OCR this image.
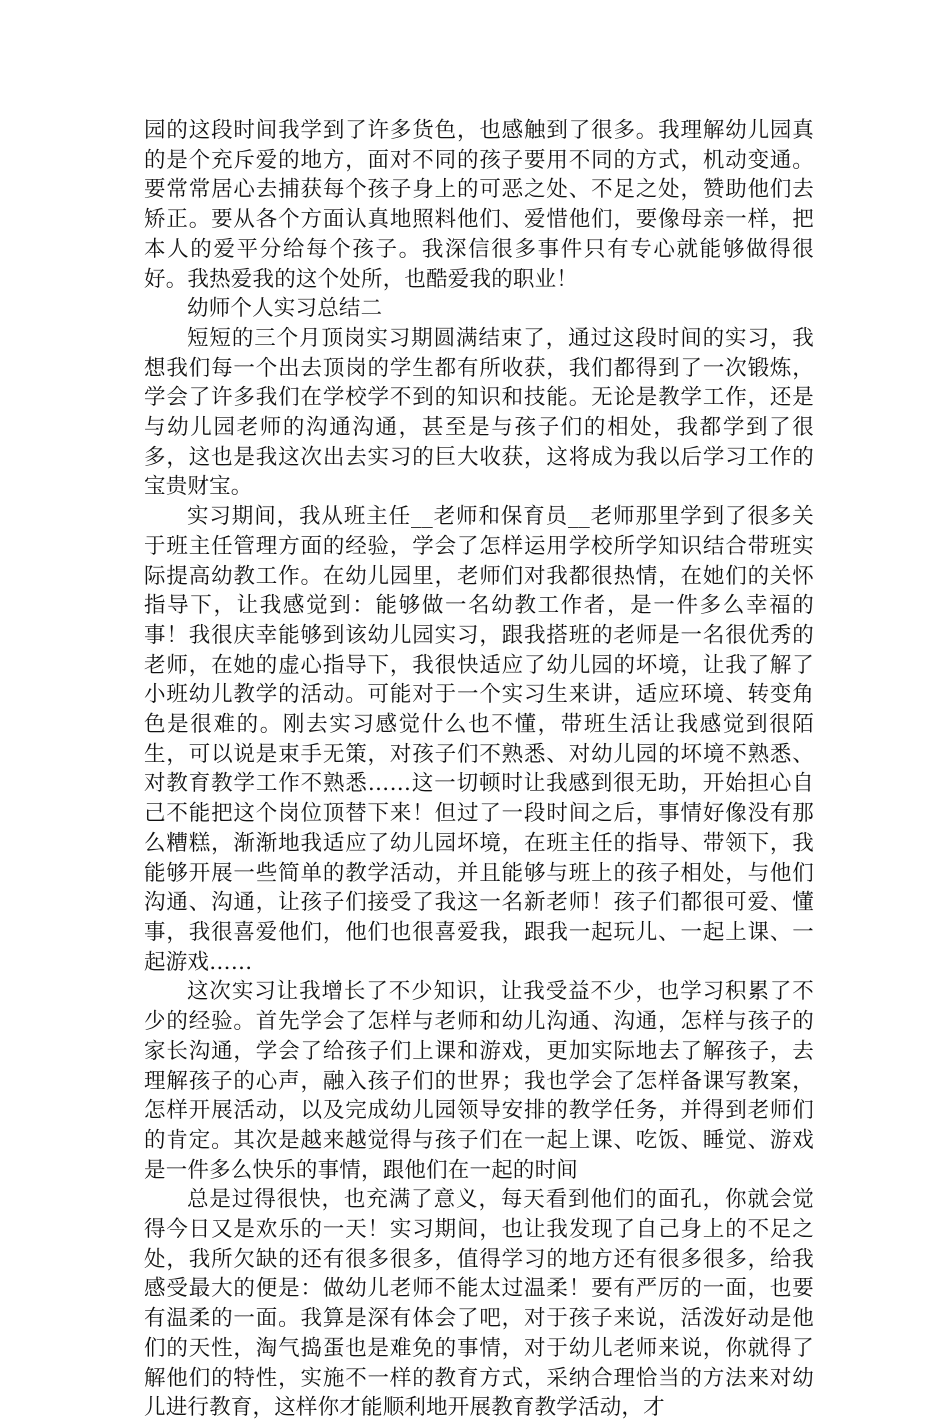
园的这段时间我学到了许多货色，也感触到了很多。我理解幼儿园真的是个充斥爱的地方，面对不同的孩子要用不同的方式，机动变通。要常常居心去捕获每个孩子身上的可恶之处、不足之处，赞助他们去矫正。要从各个方面认真地照料他们、爱惜他们，要像母亲一样，把本人的爱平分给每个孩子。我深信很多事件只有专心就能够做得很好。我热爱我的这个处所，也酷爱我的职业！

幼师个人实习总结二

短短的三个月顶岗实习期圆满结束了，通过这段时间的实习，我想我们每一个出去顶岗的学生都有所收获，我们都得到了一次锻炼，学会了许多我们在学校学不到的知识和技能。无论是教学工作，还是与幼儿园老师的沟通沟通，甚至是与孩子们的相处，我都学到了很多，这也是我这次出去实习的巨大收获，这将成为我以后学习工作的宝贵财宝。

实习期间，我从班主任__老师和保育员__老师那里学到了很多关于班主任管理方面的经验，学会了怎样运用学校所学知识结合带班实际提高幼教工作。在幼儿园里，老师们对我都很热情，在她们的关怀指导下，让我感觉到：能够做一名幼教工作者，是一件多么幸福的事！我很庆幸能够到该幼儿园实习，跟我搭班的老师是一名很优秀的老师，在她的虚心指导下，我很快适应了幼儿园的坏境，让我了解了小班幼儿教学的活动。可能对于一个实习生来讲，适应环境、转变角色是很难的。刚去实习感觉什么也不懂，带班生活让我感觉到很陌生，可以说是束手无策，对孩子们不熟悉、对幼儿园的坏境不熟悉、对教育教学工作不熟悉……这一切顿时让我感到很无助，开始担心自己不能把这个岗位顶替下来！但过了一段时间之后，事情好像没有那么糟糕，渐渐地我适应了幼儿园坏境，在班主任的指导、带领下，我能够开展一些简单的教学活动，并且能够与班上的孩子相处，与他们沟通、沟通，让孩子们接受了我这一名新老师！孩子们都很可爱、懂事，我很喜爱他们，他们也很喜爱我，跟我一起玩儿、一起上课、一起游戏……

这次实习让我增长了不少知识，让我受益不少，也学习积累了不少的经验。首先学会了怎样与老师和幼儿沟通、沟通，怎样与孩子的家长沟通，学会了给孩子们上课和游戏，更加实际地去了解孩子，去理解孩子的心声，融入孩子们的世界；我也学会了怎样备课写教案，怎样开展活动，以及完成幼儿园领导安排的教学任务，并得到老师们的肯定。其次是越来越觉得与孩子们在一起上课、吃饭、睡觉、游戏是一件多么快乐的事情，跟他们在一起的时间

总是过得很快，也充满了意义，每天看到他们的面孔，你就会觉得今日又是欢乐的一天！实习期间，也让我发现了自己身上的不足之处，我所欠缺的还有很多很多，值得学习的地方还有很多很多，给我感受最大的便是：做幼儿老师不能太过温柔！要有严厉的一面，也要有温柔的一面。我算是深有体会了吧，对于孩子来说，活泼好动是他们的天性，淘气捣蛋也是难免的事情，对于幼儿老师来说，你就得了解他们的特性，实施不一样的教育方式，采纳合理恰当的方法来对幼儿进行教育，这样你才能顺利地开展教育教学活动，才
